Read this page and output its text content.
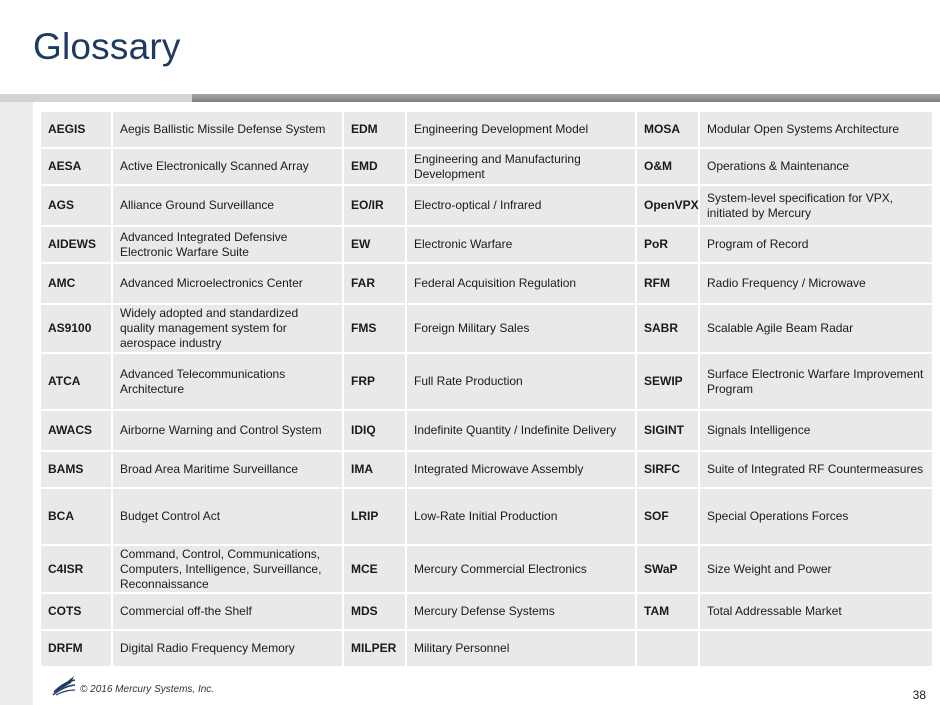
Glossary
AEGIS	Aegis Ballistic Missile Defense System	EDM	Engineering Development Model	MOSA	Modular Open Systems Architecture
AESA	Active Electronically Scanned Array	EMD	Engineering and Manufacturing Development	O&M	Operations & Maintenance
AGS	Alliance Ground Surveillance	EO/IR	Electro-optical / Infrared	OpenVPX	System-level specification for VPX, initiated by Mercury
AIDEWS	Advanced Integrated Defensive Electronic Warfare Suite	EW	Electronic Warfare	PoR	Program of Record
AMC	Advanced Microelectronics Center	FAR	Federal Acquisition Regulation	RFM	Radio Frequency / Microwave
AS9100	Widely adopted and standardized quality management system for aerospace industry	FMS	Foreign Military Sales	SABR	Scalable Agile Beam Radar
ATCA	Advanced Telecommunications Architecture	FRP	Full Rate Production	SEWIP	Surface Electronic Warfare Improvement Program
AWACS	Airborne Warning and Control System	IDIQ	Indefinite Quantity / Indefinite Delivery	SIGINT	Signals Intelligence
BAMS	Broad Area Maritime Surveillance	IMA	Integrated Microwave Assembly	SIRFC	Suite of Integrated RF Countermeasures
BCA	Budget Control Act	LRIP	Low-Rate Initial Production	SOF	Special Operations Forces
C4ISR	Command, Control, Communications, Computers, Intelligence, Surveillance, Reconnaissance	MCE	Mercury Commercial Electronics	SWaP	Size Weight and Power
COTS	Commercial off-the Shelf	MDS	Mercury Defense Systems	TAM	Total Addressable Market
DRFM	Digital Radio Frequency Memory	MILPER	Military Personnel		
© 2016 Mercury Systems, Inc.	38
